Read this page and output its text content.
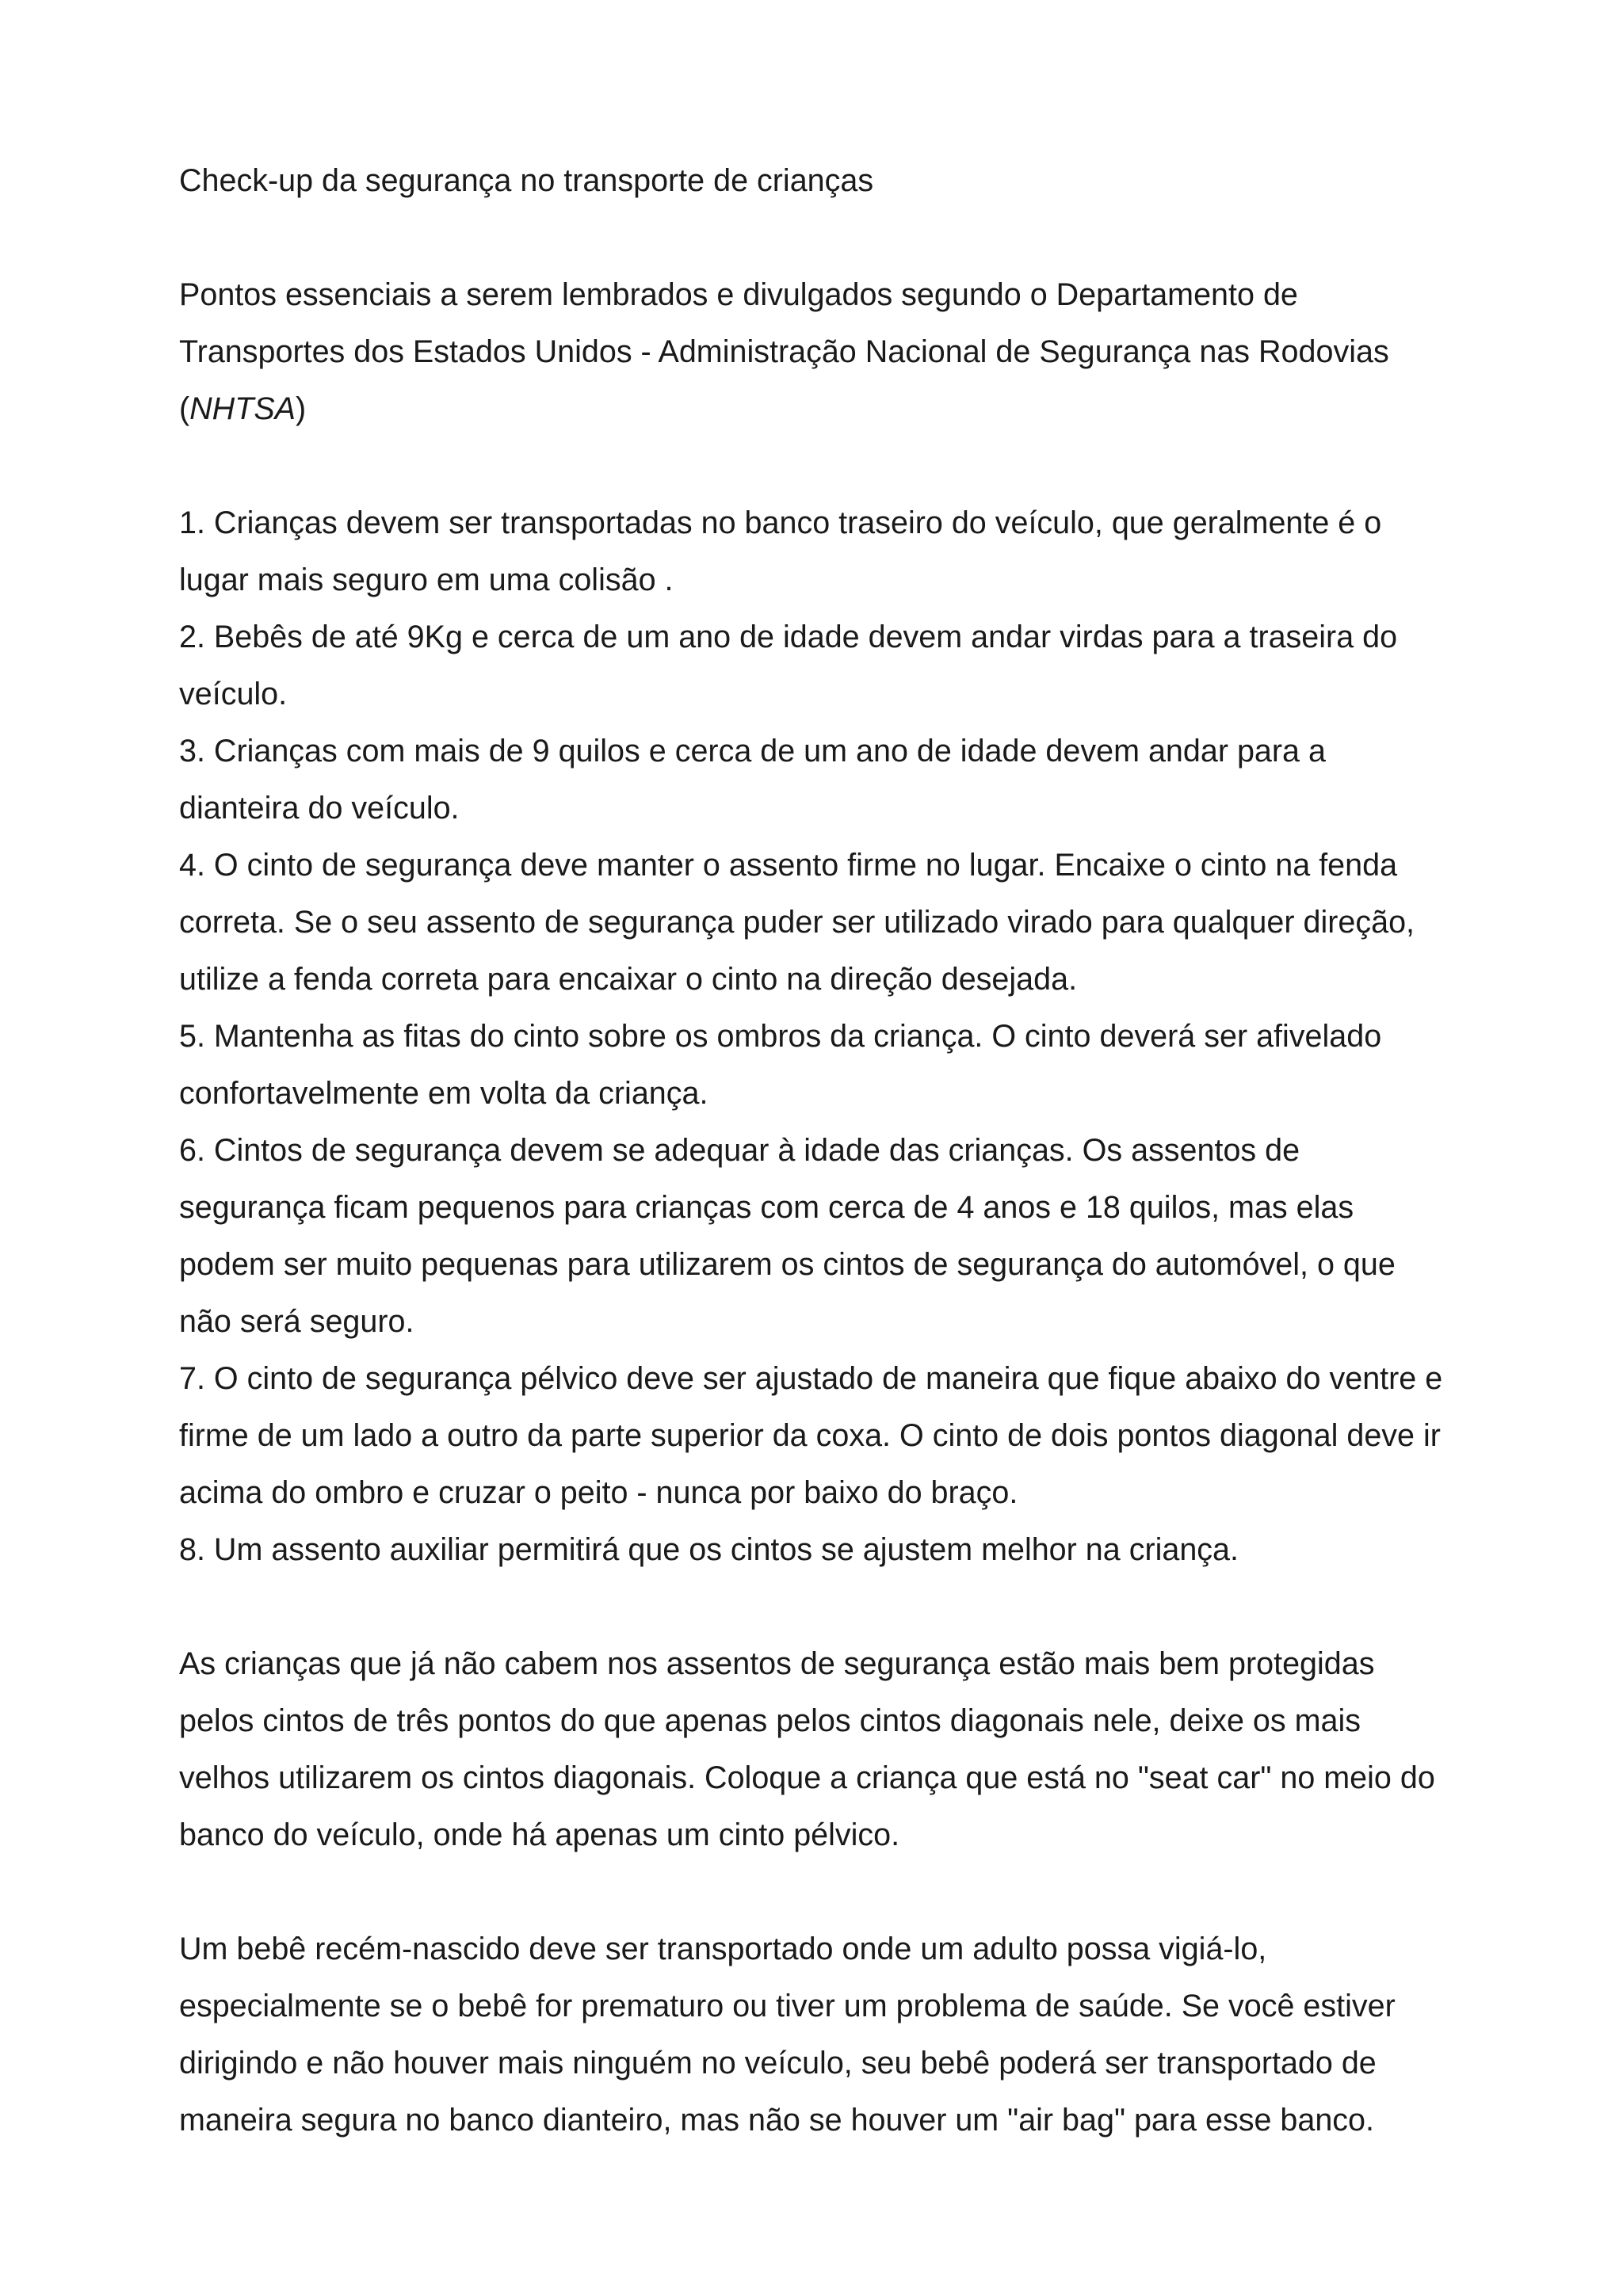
Check-up da segurança no transporte de crianças
Pontos essenciais a serem lembrados e divulgados segundo o Departamento de
Transportes dos Estados Unidos - Administração Nacional de Segurança nas Rodovias
(NHTSA)
1. Crianças devem ser transportadas no banco traseiro do veículo, que geralmente é o
lugar mais seguro em uma colisão .
2. Bebês de até 9Kg e cerca de um ano de idade devem andar virdas para a traseira do
veículo.
3. Crianças com mais de 9 quilos e cerca de um ano de idade devem andar para a
dianteira do veículo.
4. O cinto de segurança deve manter o assento firme no lugar. Encaixe o cinto na fenda
correta. Se o seu assento de segurança puder ser utilizado virado para qualquer direção,
utilize a fenda correta para encaixar o cinto na direção desejada.
5. Mantenha as fitas do cinto sobre os ombros da criança. O cinto deverá ser afivelado
confortavelmente em volta da criança.
6. Cintos de segurança devem se adequar à idade das crianças. Os assentos de
segurança ficam pequenos para crianças com cerca de 4 anos e 18 quilos, mas elas
podem ser muito pequenas para utilizarem os cintos de segurança do automóvel, o que
não será seguro.
7. O cinto de segurança pélvico deve ser ajustado de maneira que fique abaixo do ventre e
firme de um lado a outro da parte superior da coxa. O cinto de dois pontos diagonal deve ir
acima do ombro e cruzar o peito - nunca por baixo do braço.
8. Um assento auxiliar permitirá que os cintos se ajustem melhor na criança.
As crianças que já não cabem nos assentos de segurança estão mais bem protegidas
pelos cintos de três pontos do que apenas pelos cintos diagonais nele, deixe os mais
velhos utilizarem os cintos diagonais. Coloque a criança que está no "seat car" no meio do
banco do veículo, onde há apenas um cinto pélvico.
Um bebê recém-nascido deve ser transportado onde um adulto possa vigiá-lo,
especialmente se o bebê for prematuro ou tiver um problema de saúde. Se você estiver
dirigindo e não houver mais ninguém no veículo, seu bebê poderá ser transportado de
maneira segura no banco dianteiro, mas não se houver um "air bag" para esse banco.
